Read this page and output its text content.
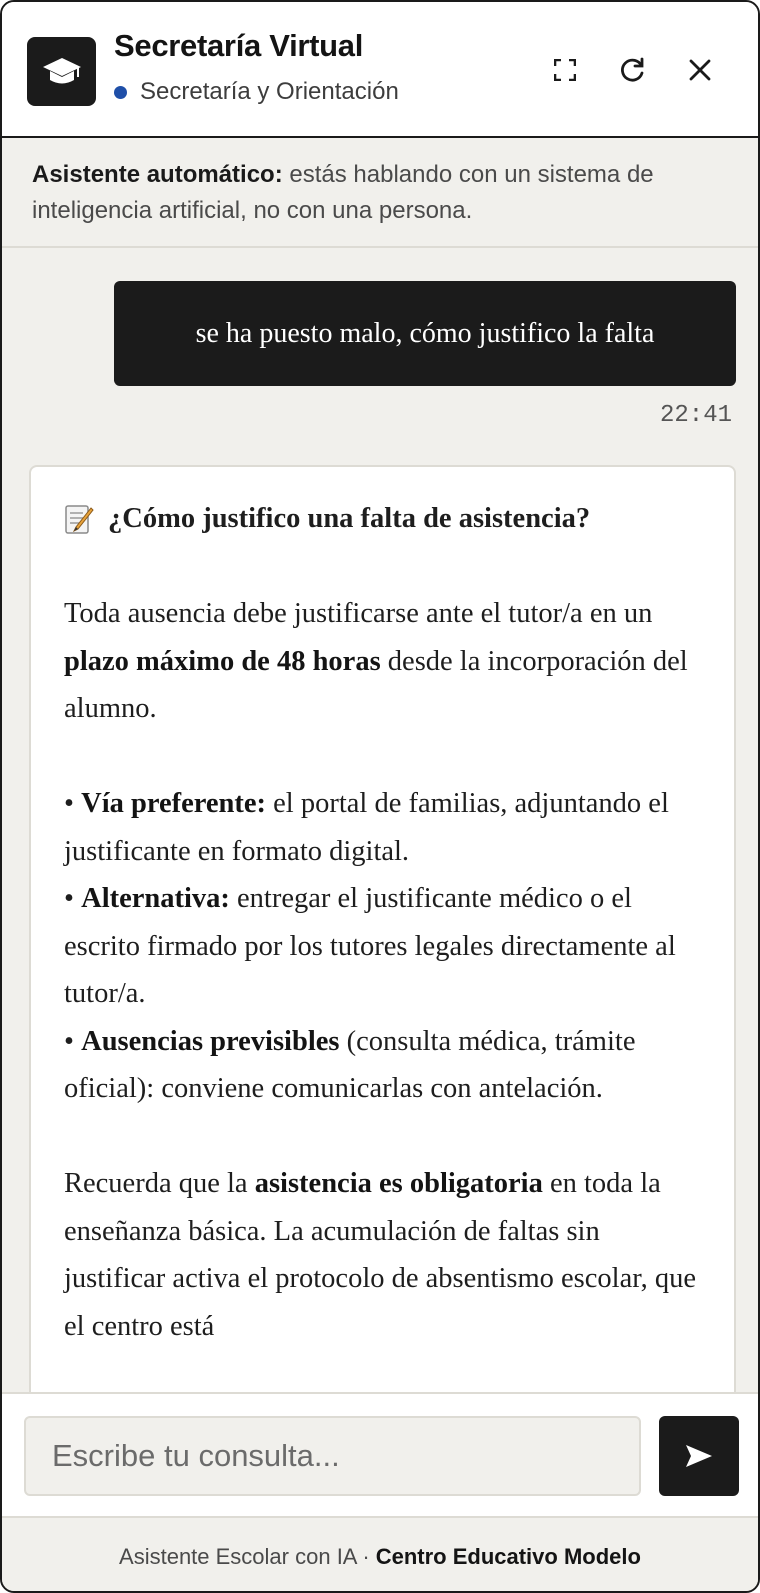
Secretaría Virtual
Secretaría y Orientación
Asistente automático: estás hablando con un sistema de inteligencia artificial, no con una persona.
se ha puesto malo, cómo justifico la falta
22:41
¿Cómo justifico una falta de asistencia?

Toda ausencia debe justificarse ante el tutor/a en un plazo máximo de 48 horas desde la incorporación del alumno.

• Vía preferente: el portal de familias, adjuntando el justificante en formato digital.

• Alternativa: entregar el justificante médico o el escrito firmado por los tutores legales directamente al tutor/a.

• Ausencias previsibles (consulta médica, trámite oficial): conviene comunicarlas con antelación.

Recuerda que la asistencia es obligatoria en toda la enseñanza básica. La acumulación de faltas sin justificar activa el protocolo de absentismo escolar, que el centro está

Escribe tu consulta...
Asistente Escolar con IA · Centro Educativo Modelo
